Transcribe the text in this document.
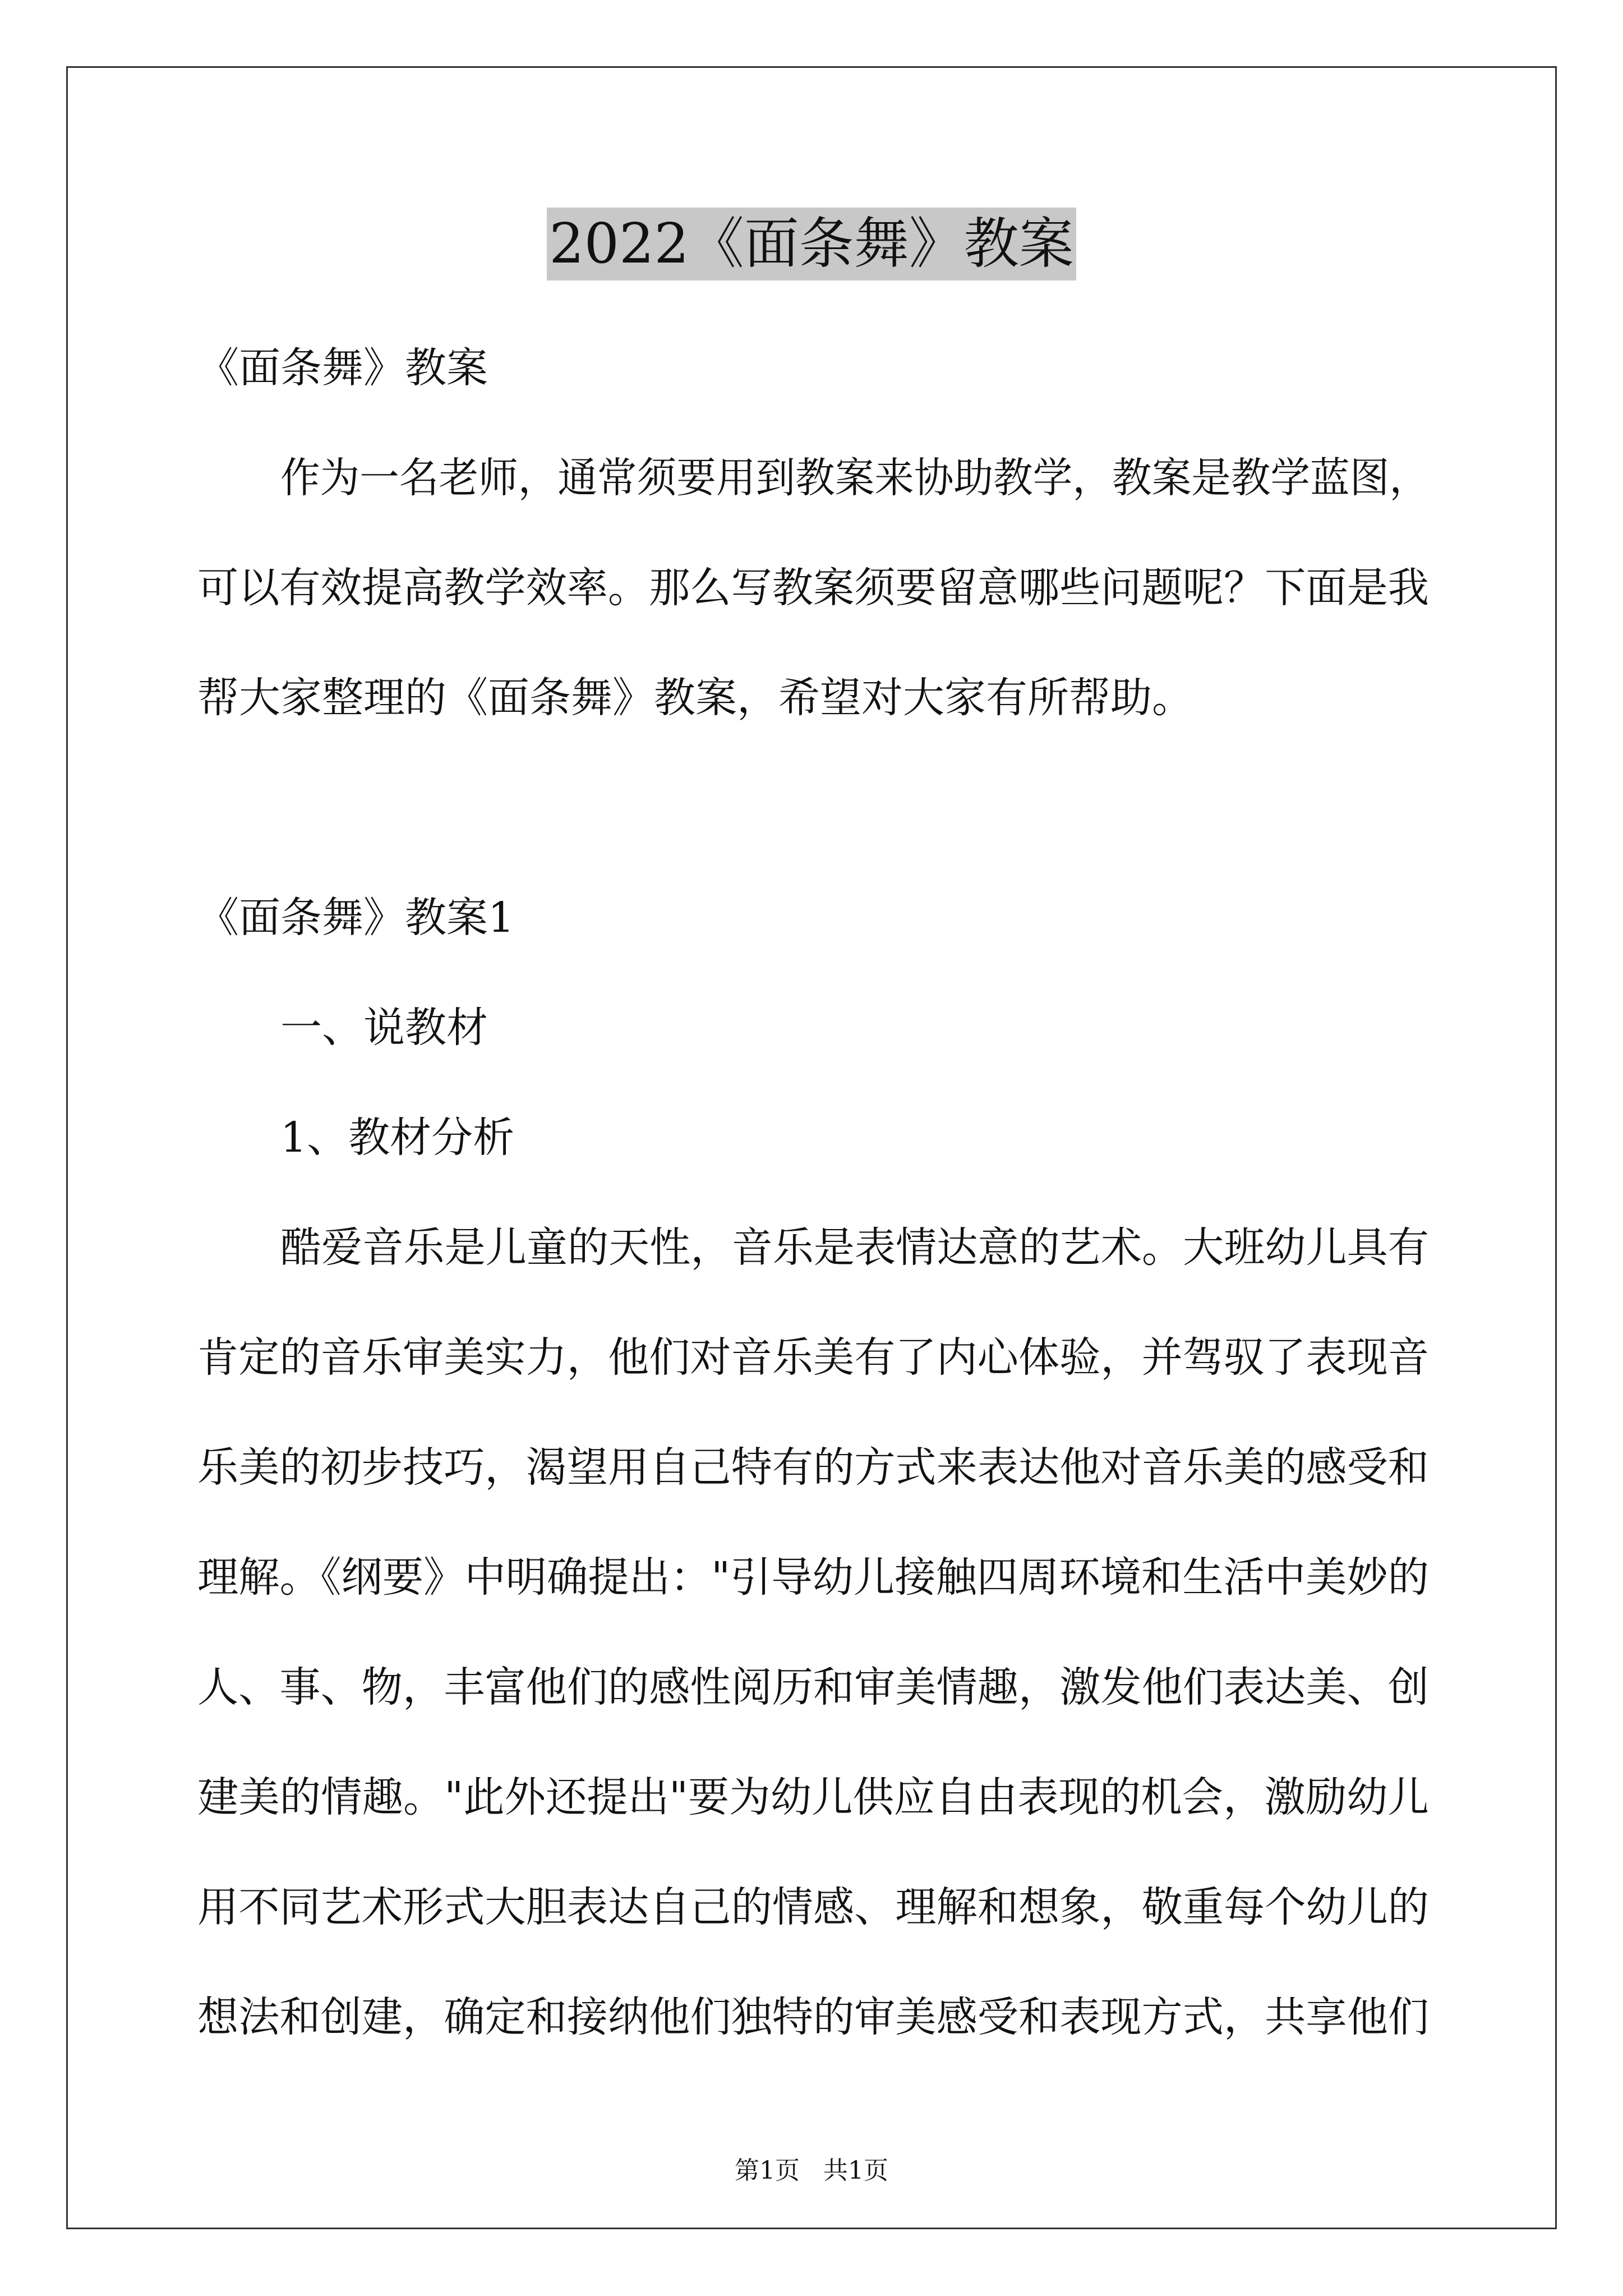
2022《面条舞》教案
《面条舞》教案
作为一名老师，通常须要用到教案来协助教学，教案是教学蓝图，
可以有效提高教学效率。那么写教案须要留意哪些问题呢？下面是我
帮大家整理的《面条舞》教案，希望对大家有所帮助。
《面条舞》教案1
一、说教材
1、教材分析
酷爱音乐是儿童的天性，音乐是表情达意的艺术。大班幼儿具有
肯定的音乐审美实力，他们对音乐美有了内心体验，并驾驭了表现音
乐美的初步技巧，渴望用自己特有的方式来表达他对音乐美的感受和
理解。《纲要》中明确提出："引导幼儿接触四周环境和生活中美妙的
人、事、物，丰富他们的感性阅历和审美情趣，激发他们表达美、创
建美的情趣。"此外还提出"要为幼儿供应自由表现的机会，激励幼儿
用不同艺术形式大胆表达自己的情感、理解和想象，敬重每个幼儿的
想法和创建，确定和接纳他们独特的审美感受和表现方式，共享他们
第1页   共1页
